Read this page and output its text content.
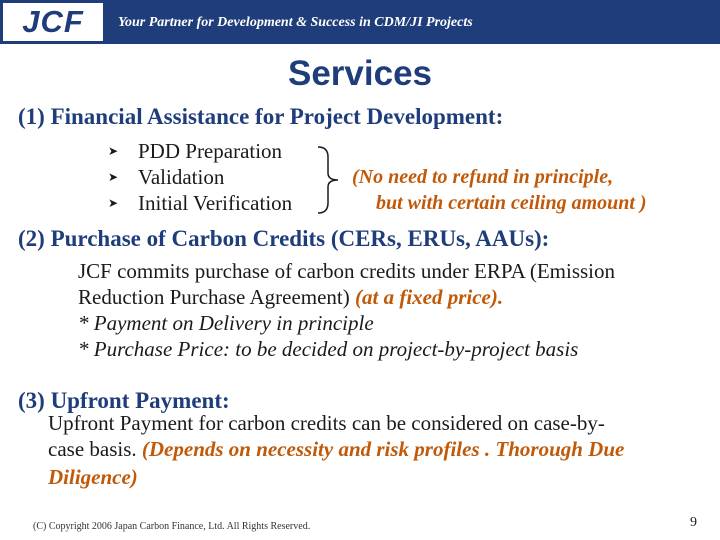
JCF Your Partner for Development & Success in CDM/JI Projects
Services
(1) Financial Assistance for Project Development:
➤ PDD Preparation
➤ Validation
➤ Initial Verification
(No need to refund in principle,
but with certain ceiling amount )
(2) Purchase of Carbon Credits (CERs, ERUs, AAUs):
JCF commits purchase of carbon credits under ERPA (Emission
Reduction Purchase Agreement) (at a fixed price).
* Payment on Delivery in principle
* Purchase Price: to be decided on project-by-project basis
(3) Upfront Payment:
Upfront Payment for carbon credits can be considered on case-by-
case basis. (Depends on necessity and risk profiles . Thorough Due
Diligence)
(C) Copyright 2006 Japan Carbon Finance, Ltd. All Rights Reserved.	9
